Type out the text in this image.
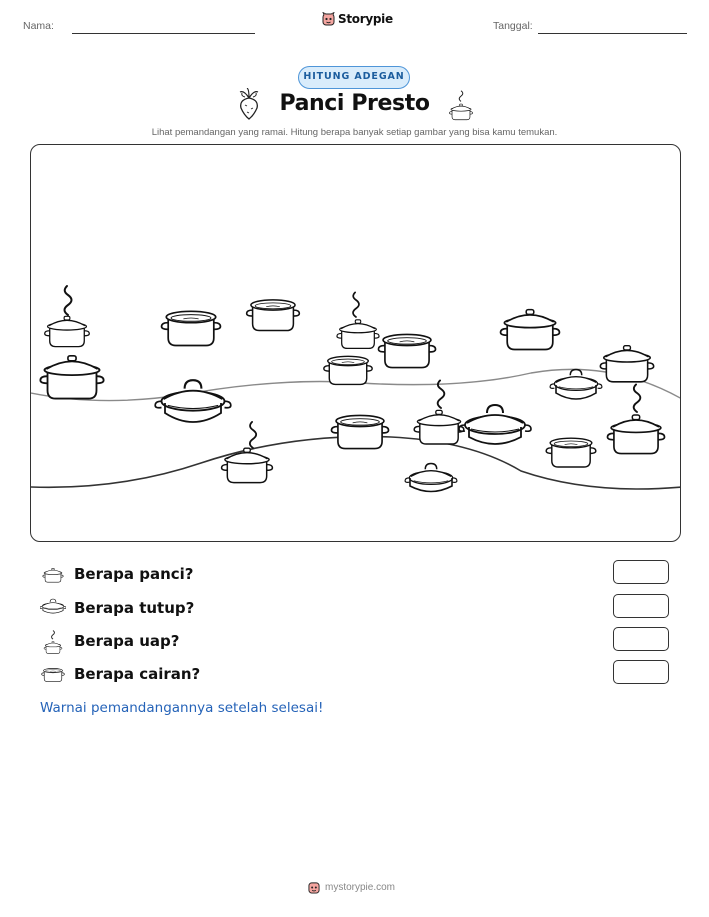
Nama:	Storypie	Tanggal:
HITUNG ADEGAN
Panci Presto
Lihat pemandangan yang ramai. Hitung berapa banyak setiap gambar yang bisa kamu temukan.
Berapa panci?
Berapa tutup?
Berapa uap?
Berapa cairan?
Warnai pemandangannya setelah selesai!
mystorypie.com
